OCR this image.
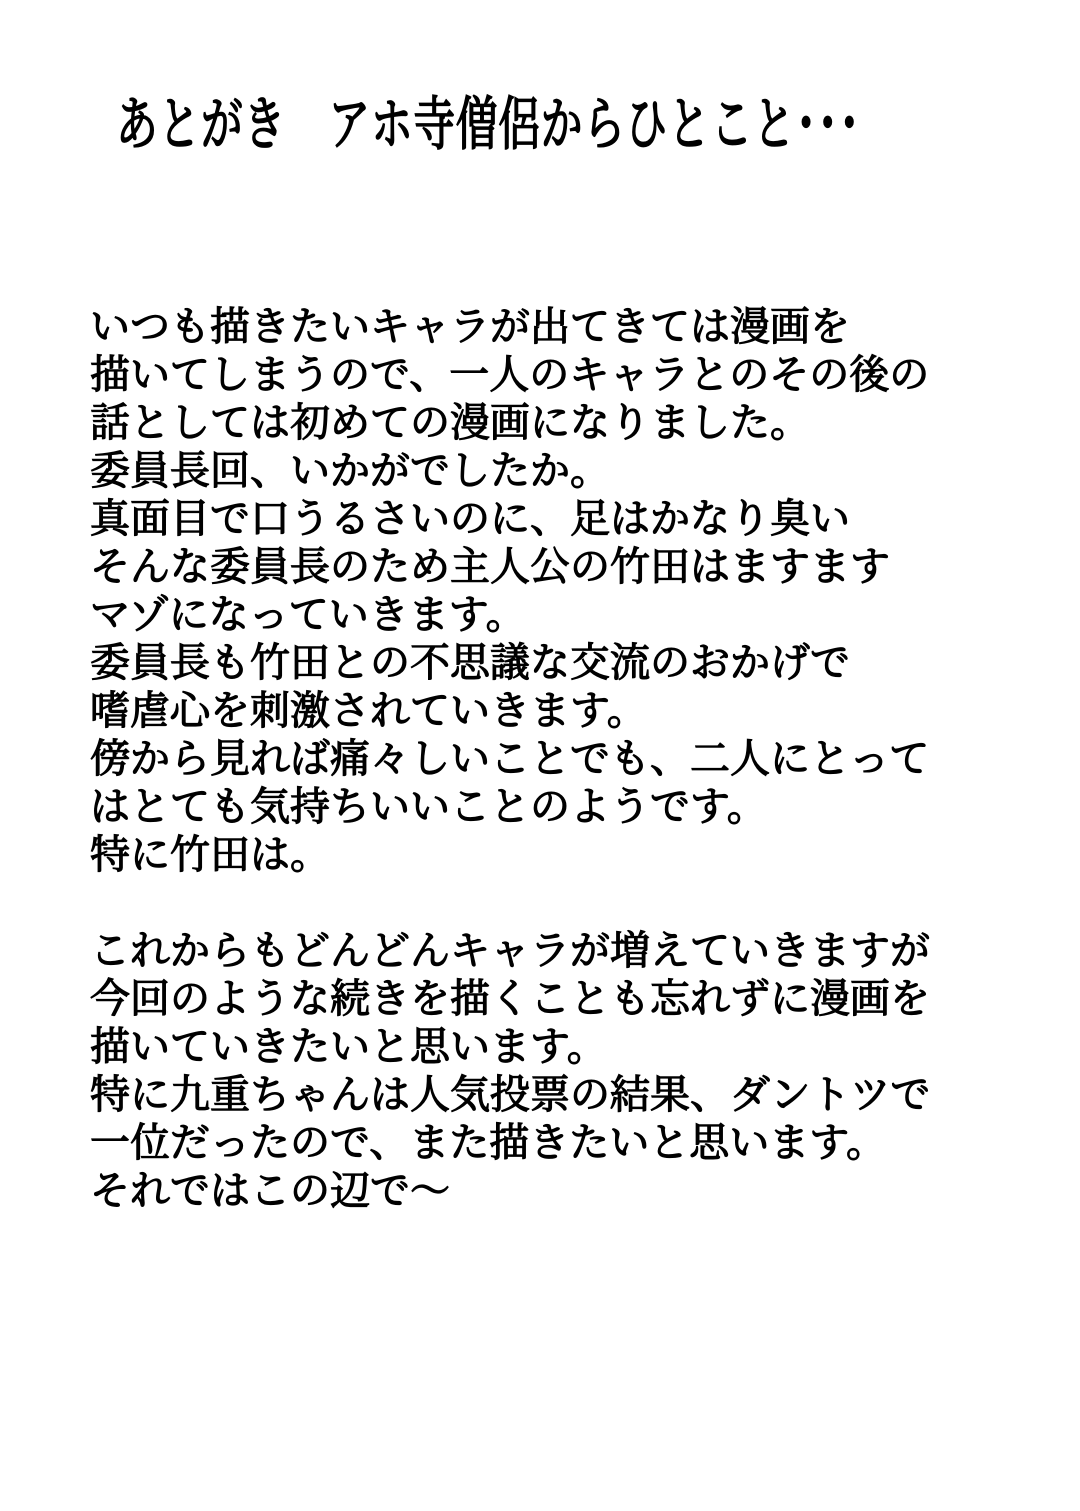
あとがき　アホ寺僧侶からひとこと･･･
いつも描きたいキャラが出てきては漫画を
描いてしまうので、一人のキャラとのその後の
話としては初めての漫画になりました。
委員長回、いかがでしたか。
真面目で口うるさいのに、足はかなり臭い
そんな委員長のため主人公の竹田はますます
マゾになっていきます。
委員長も竹田との不思議な交流のおかげで
嗜虐心を刺激されていきます。
傍から見れば痛々しいことでも、二人にとって
はとても気持ちいいことのようです。
特に竹田は。
これからもどんどんキャラが増えていきますが
今回のような続きを描くことも忘れずに漫画を
描いていきたいと思います。
特に九重ちゃんは人気投票の結果、ダントツで
一位だったので、また描きたいと思います。
それではこの辺で～
